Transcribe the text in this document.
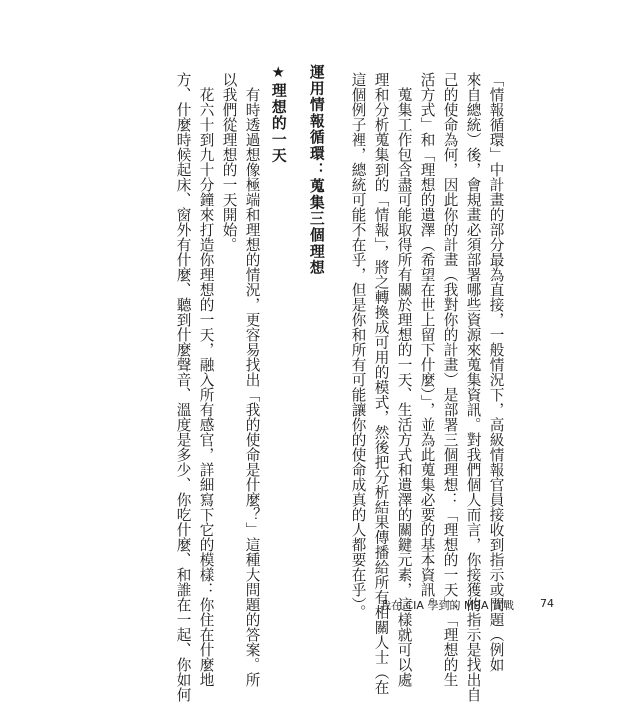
「情報循環」中計畫的部分最為直接，一般情況下，高級情報官員接收到指示或問題（例如
來自總統）後，會規畫必須部署哪些資源來蒐集資訊。對我們個人而言，你接獲的指示是找出自
己的使命為何，因此你的計畫（我對你的計畫）是部署三個理想：「理想的一天」、「理想的生
活方式」和「理想的遺澤（希望在世上留下什麼）」，並為此蒐集必要的基本資訊。
　蒐集工作包含盡可能取得所有關於理想的一天、生活方式和遺澤的關鍵元素，這樣就可以處
理和分析蒐集到的「情報」，將之轉換成可用的模式，然後把分析結果傳播給所有相關人士（在
這個例子裡，總統可能不在乎，但是你和所有可能讓你的使命成真的人都要在乎）。
運用情報循環：蒐集三個理想
★理想的一天
　有時透過想像極端和理想的情況，更容易找出「我的使命是什麼？」這種大問題的答案。所
以我們從理想的一天開始。
　花六十到九十分鐘來打造你理想的一天，融入所有感官，詳細寫下它的模樣：你住在什麼地
方、什麼時候起床、窗外有什麼、聽到什麼聲音、溫度是多少、你吃什麼、和誰在一起、你如何	我在 CIA 學到的 MBA 實戰 74
